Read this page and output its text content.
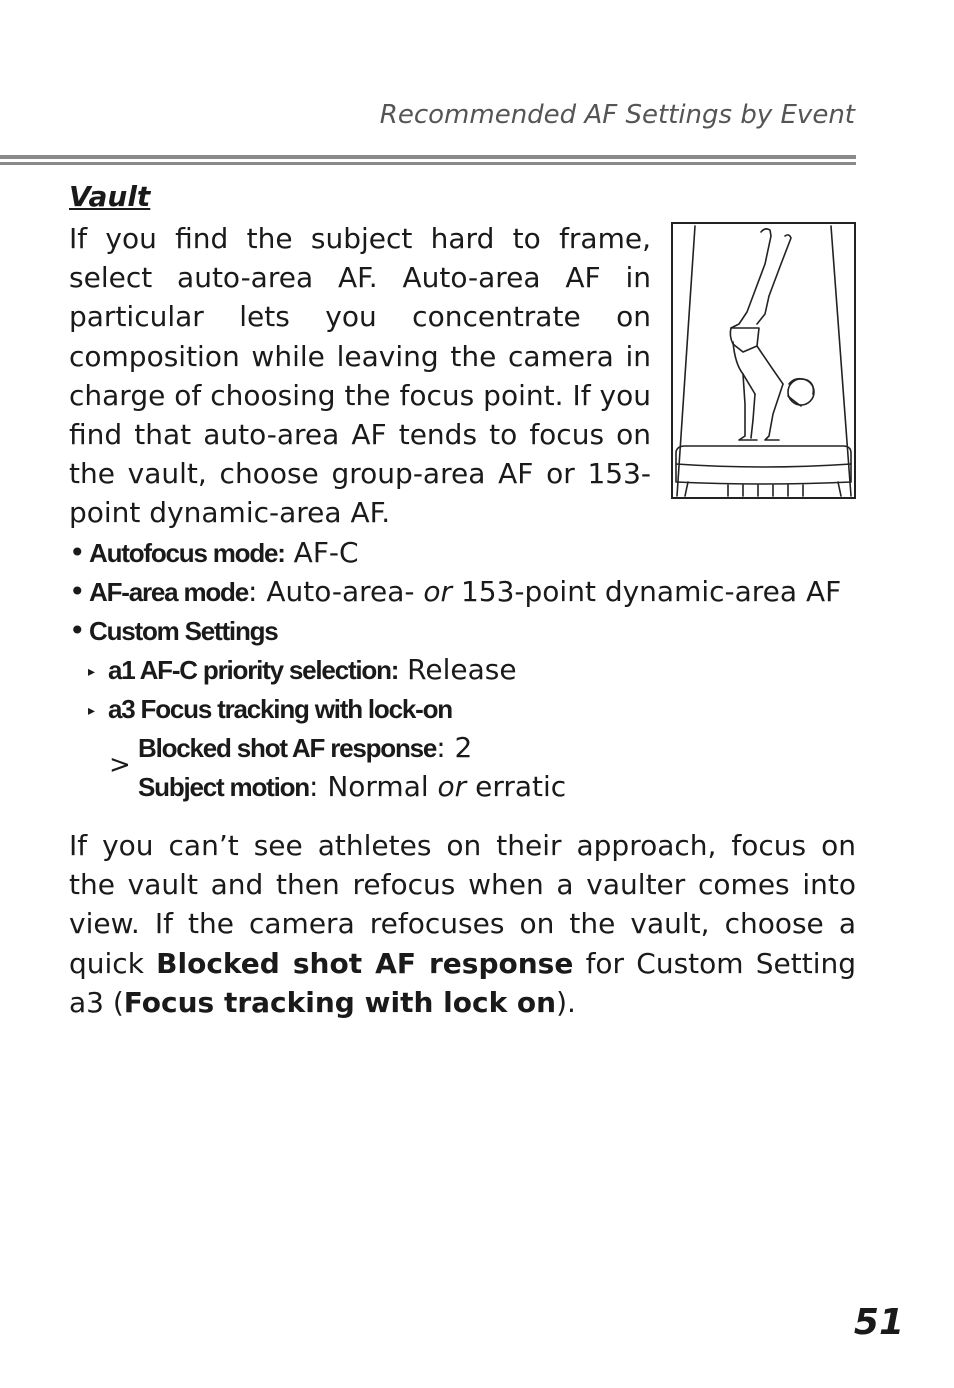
Recommended AF Settings by Event
Vault
If you find the subject hard to frame, select auto-area AF. Auto-area AF in particular lets you concentrate on composition while leaving the camera in charge of choosing the focus point. If you find that auto-area AF tends to focus on the vault, choose group-area AF or 153-point dynamic-area AF.
• Autofocus mode: AF-C
• AF-area mode: Auto-area- or 153-point dynamic-area AF
• Custom Settings
▸ a1 AF-C priority selection: Release
▸ a3 Focus tracking with lock-on
>
Blocked shot AF response: 2
Subject motion: Normal or erratic
If you can’t see athletes on their approach, focus on the vault and then refocus when a vaulter comes into view. If the camera refocuses on the vault, choose a quick Blocked shot AF response for Custom Setting a3 (Focus tracking with lock on).
51
